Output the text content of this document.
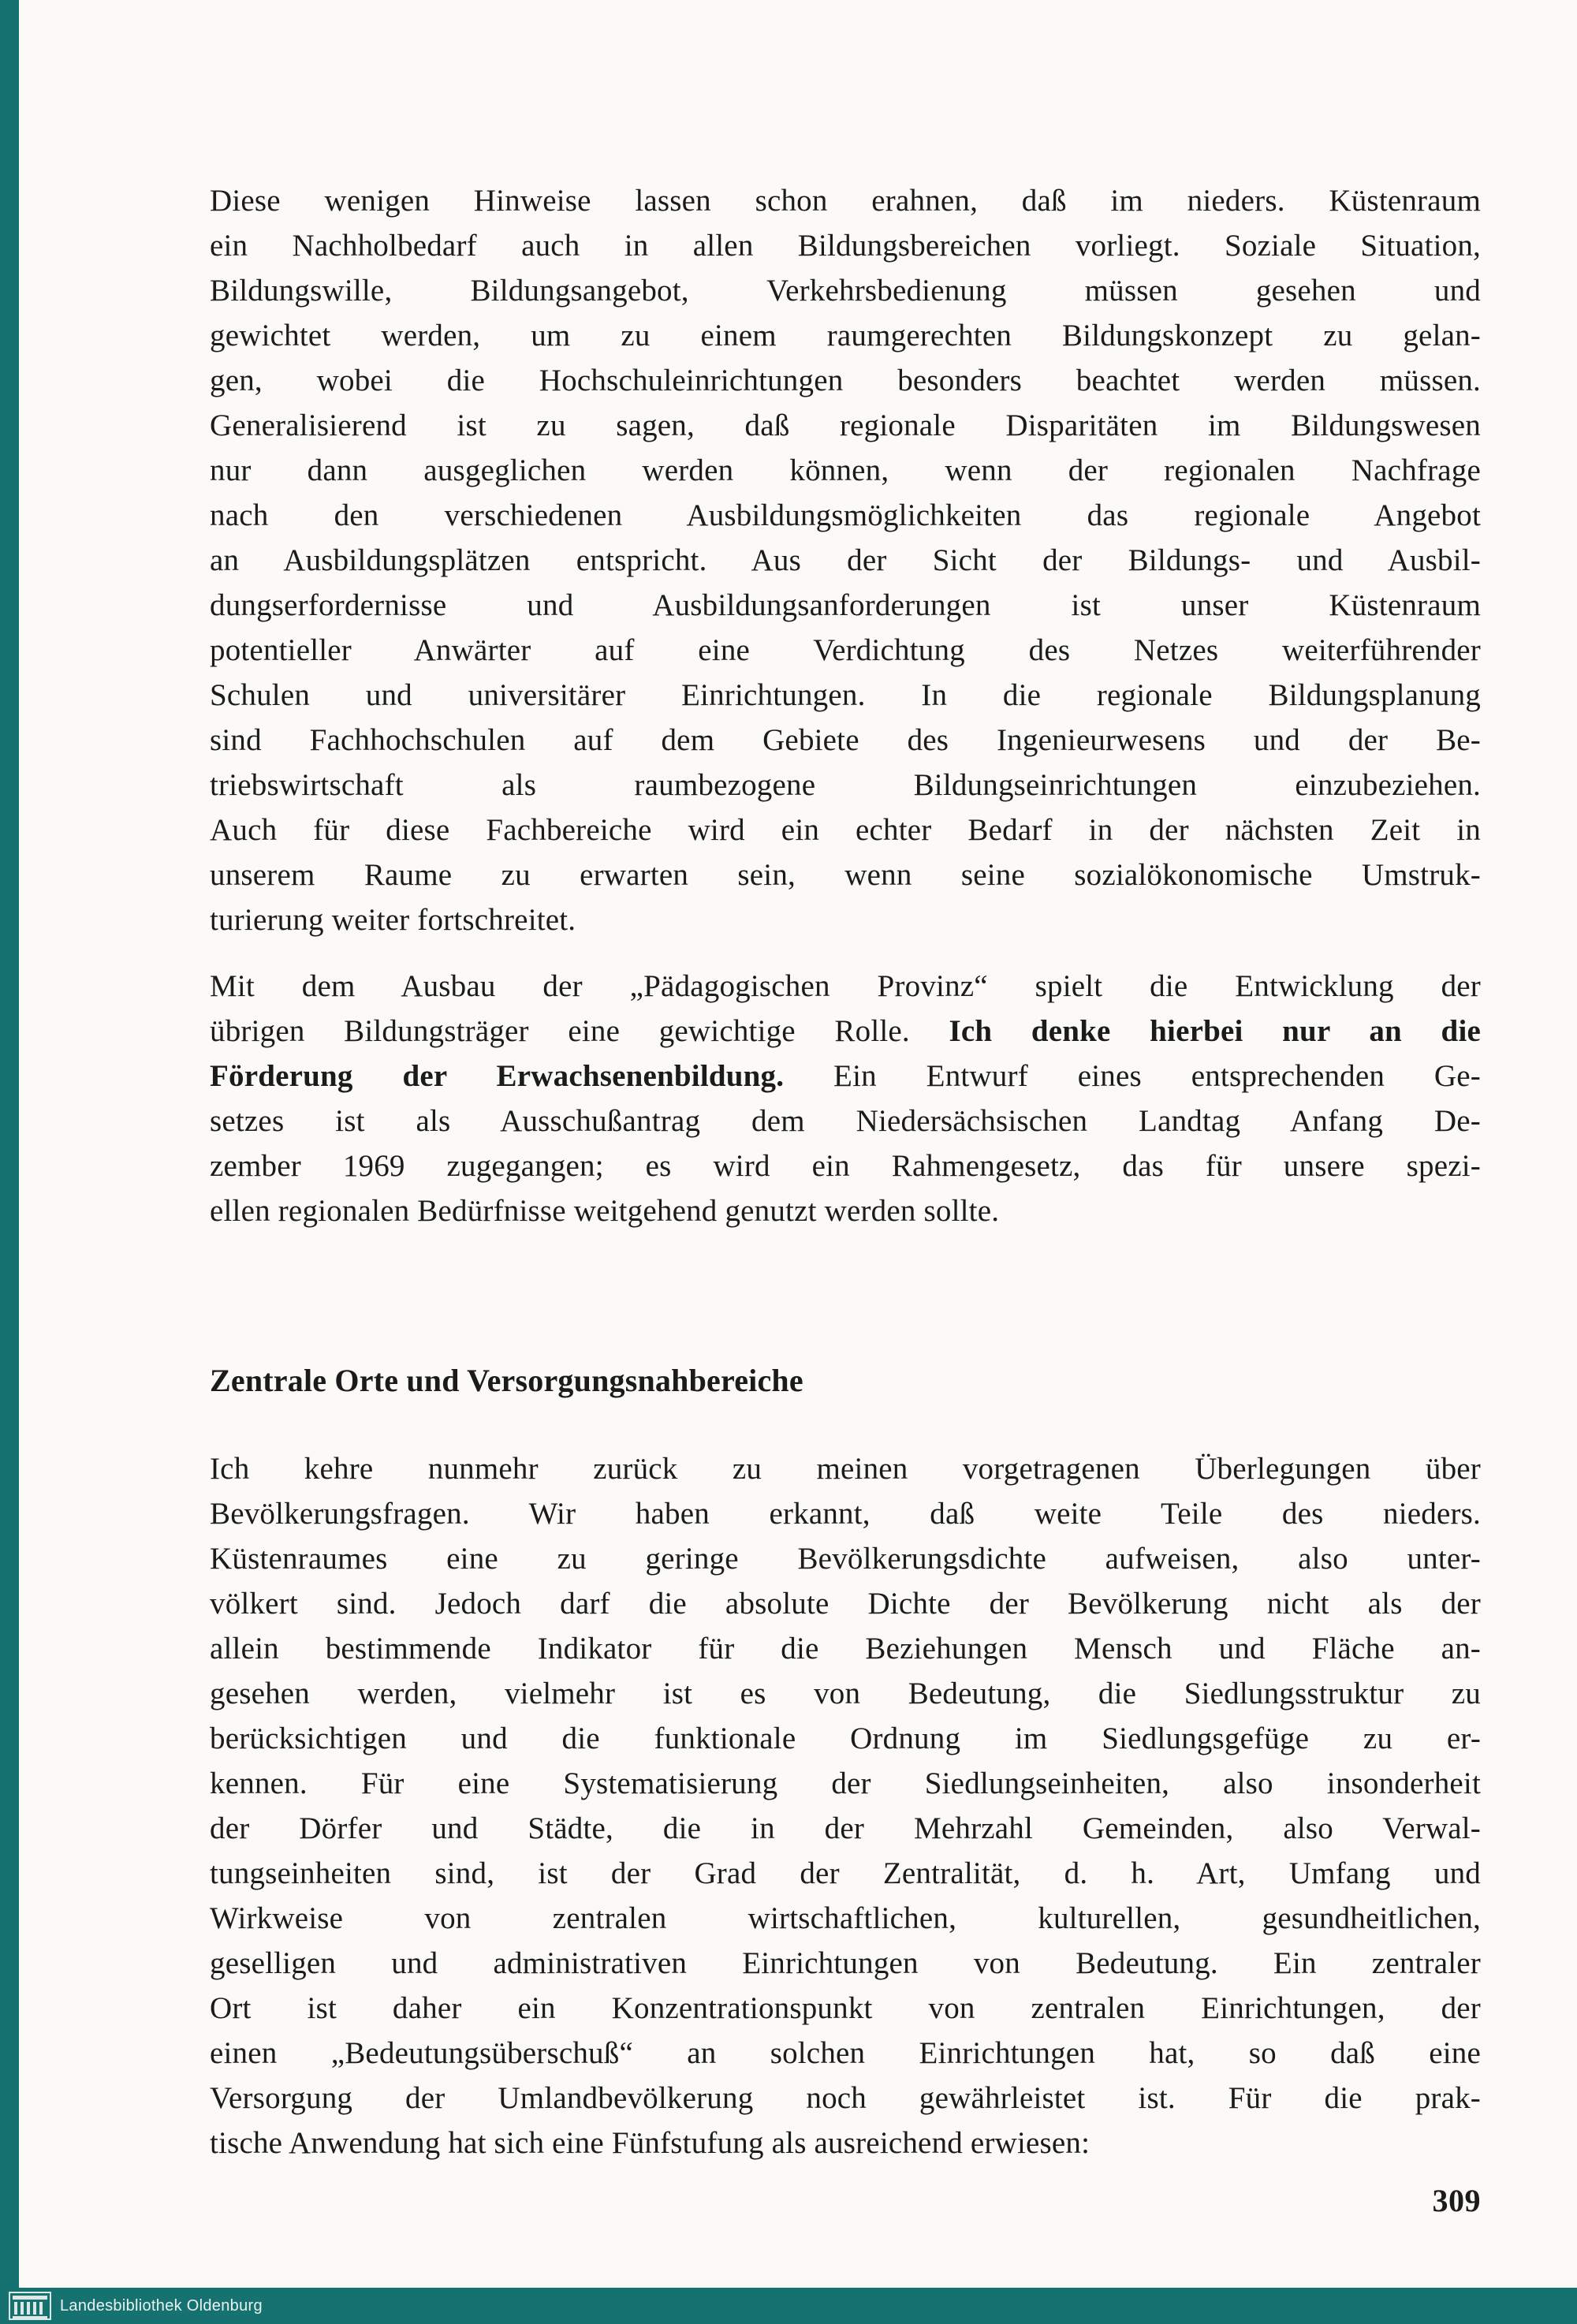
Diese wenigen Hinweise lassen schon erahnen, daß im nieders. Küstenraum
ein Nachholbedarf auch in allen Bildungsbereichen vorliegt. Soziale Situation,
Bildungswille, Bildungsangebot, Verkehrsbedienung müssen gesehen und
gewichtet werden, um zu einem raumgerechten Bildungskonzept zu gelan-
gen, wobei die Hochschuleinrichtungen besonders beachtet werden müssen.
Generalisierend ist zu sagen, daß regionale Disparitäten im Bildungswesen
nur dann ausgeglichen werden können, wenn der regionalen Nachfrage
nach den verschiedenen Ausbildungsmöglichkeiten das regionale Angebot
an Ausbildungsplätzen entspricht. Aus der Sicht der Bildungs- und Ausbil-
dungserfordernisse und Ausbildungsanforderungen ist unser Küstenraum
potentieller Anwärter auf eine Verdichtung des Netzes weiterführender
Schulen und universitärer Einrichtungen. In die regionale Bildungsplanung
sind Fachhochschulen auf dem Gebiete des Ingenieurwesens und der Be-
triebswirtschaft als raumbezogene Bildungseinrichtungen einzubeziehen.
Auch für diese Fachbereiche wird ein echter Bedarf in der nächsten Zeit in
unserem Raume zu erwarten sein, wenn seine sozialökonomische Umstruk-
turierung weiter fortschreitet.
Mit dem Ausbau der „Pädagogischen Provinz“ spielt die Entwicklung der
übrigen Bildungsträger eine gewichtige Rolle. Ich denke hierbei nur an die
Förderung der Erwachsenenbildung. Ein Entwurf eines entsprechenden Ge-
setzes ist als Ausschußantrag dem Niedersächsischen Landtag Anfang De-
zember 1969 zugegangen; es wird ein Rahmengesetz, das für unsere spezi-
ellen regionalen Bedürfnisse weitgehend genutzt werden sollte.
Zentrale Orte und Versorgungsnahbereiche
Ich kehre nunmehr zurück zu meinen vorgetragenen Überlegungen über
Bevölkerungsfragen. Wir haben erkannt, daß weite Teile des nieders.
Küstenraumes eine zu geringe Bevölkerungsdichte aufweisen, also unter-
völkert sind. Jedoch darf die absolute Dichte der Bevölkerung nicht als der
allein bestimmende Indikator für die Beziehungen Mensch und Fläche an-
gesehen werden, vielmehr ist es von Bedeutung, die Siedlungsstruktur zu
berücksichtigen und die funktionale Ordnung im Siedlungsgefüge zu er-
kennen. Für eine Systematisierung der Siedlungseinheiten, also insonderheit
der Dörfer und Städte, die in der Mehrzahl Gemeinden, also Verwal-
tungseinheiten sind, ist der Grad der Zentralität, d. h. Art, Umfang und
Wirkweise von zentralen wirtschaftlichen, kulturellen, gesundheitlichen,
geselligen und administrativen Einrichtungen von Bedeutung. Ein zentraler
Ort ist daher ein Konzentrationspunkt von zentralen Einrichtungen, der
einen „Bedeutungsüberschuß“ an solchen Einrichtungen hat, so daß eine
Versorgung der Umlandbevölkerung noch gewährleistet ist. Für die prak-
tische Anwendung hat sich eine Fünfstufung als ausreichend erwiesen:
309
Landesbibliothek Oldenburg
